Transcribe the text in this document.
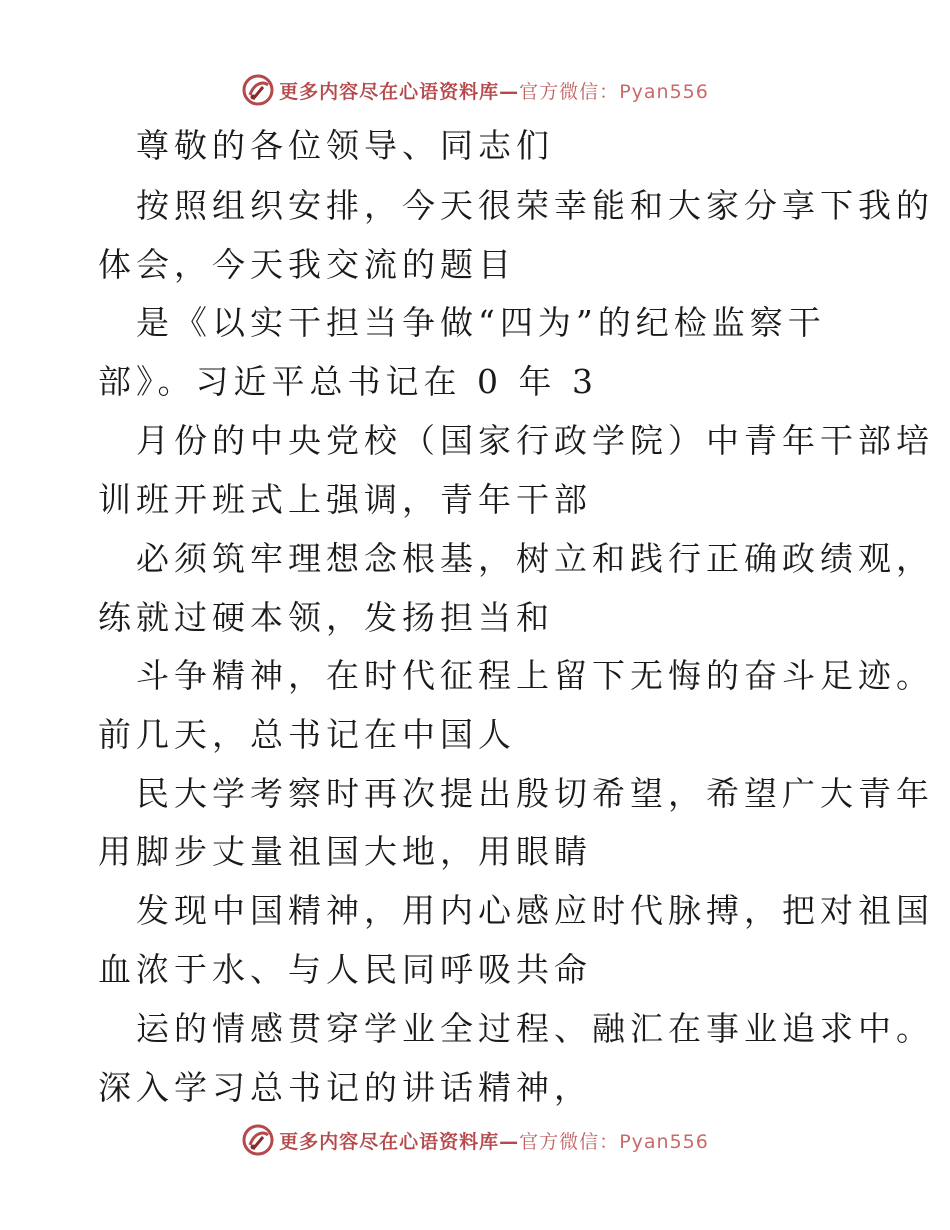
更多内容尽在心语资料库—官方微信：Pyan556
尊敬的各位领导、同志们
按照组织安排，今天很荣幸能和大家分享下我的
体会，今天我交流的题目
是《以实干担当争做“四为”的纪检监察干
部》。习近平总书记在 0 年 3
月份的中央党校（国家行政学院）中青年干部培
训班开班式上强调，青年干部
必须筑牢理想念根基，树立和践行正确政绩观，
练就过硬本领，发扬担当和
斗争精神，在时代征程上留下无悔的奋斗足迹。
前几天，总书记在中国人
民大学考察时再次提出殷切希望，希望广大青年
用脚步丈量祖国大地，用眼睛
发现中国精神，用内心感应时代脉搏，把对祖国
血浓于水、与人民同呼吸共命
运的情感贯穿学业全过程、融汇在事业追求中。
深入学习总书记的讲话精神，
更多内容尽在心语资料库—官方微信：Pyan556
